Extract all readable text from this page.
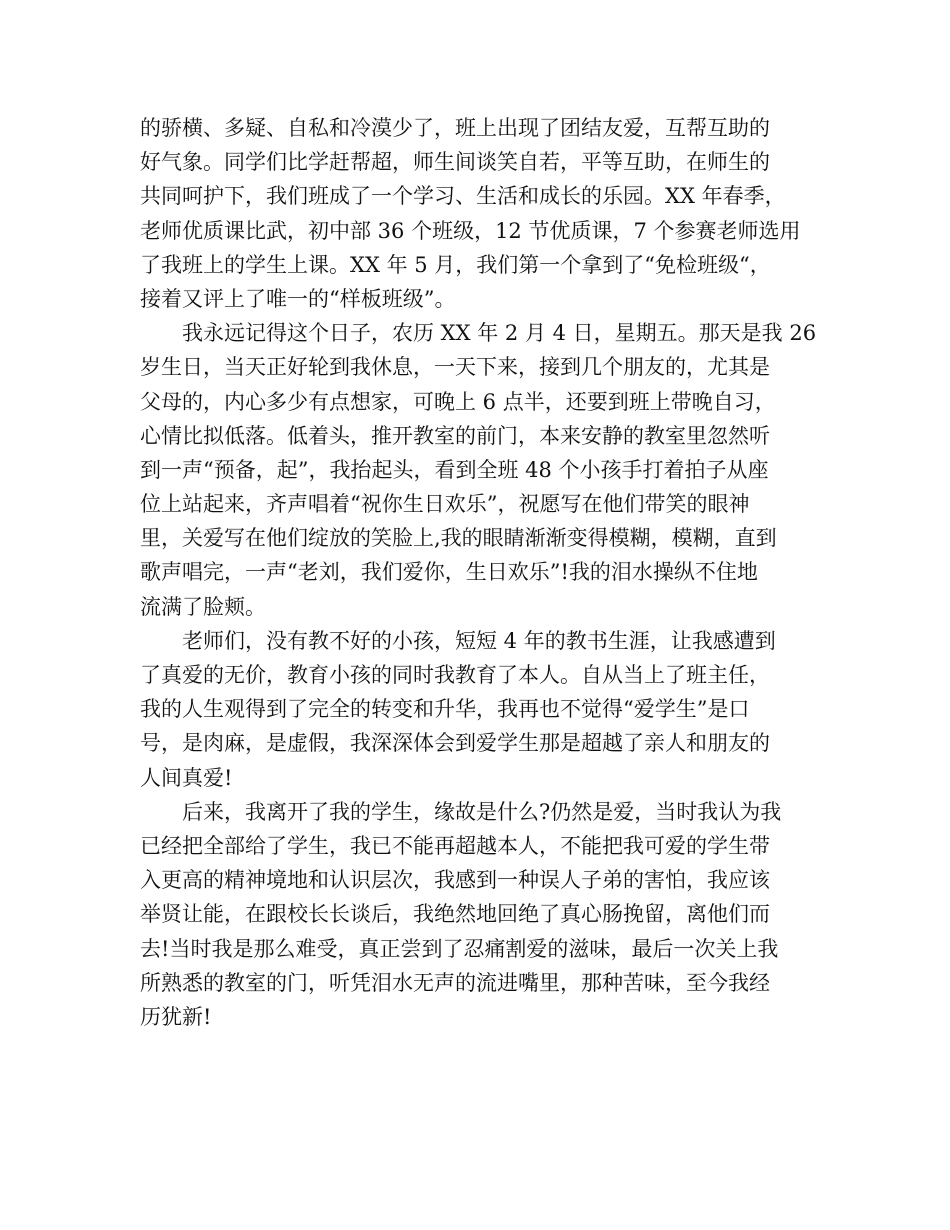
的骄横、多疑、自私和冷漠少了，班上出现了团结友爱，互帮互助的
好气象。同学们比学赶帮超，师生间谈笑自若，平等互助，在师生的
共同呵护下，我们班成了一个学习、生活和成长的乐园。XX 年春季，
老师优质课比武，初中部 36 个班级，12 节优质课，7 个参赛老师选用
了我班上的学生上课。XX 年 5 月，我们第一个拿到了“免检班级“，
接着又评上了唯一的“样板班级”。
我永远记得这个日子，农历 XX 年 2 月 4 日，星期五。那天是我 26
岁生日，当天正好轮到我休息，一天下来，接到几个朋友的，尤其是
父母的，内心多少有点想家，可晚上 6 点半，还要到班上带晚自习，
心情比拟低落。低着头，推开教室的前门，本来安静的教室里忽然听
到一声“预备，起”，我抬起头，看到全班 48 个小孩手打着拍子从座
位上站起来，齐声唱着“祝你生日欢乐”，祝愿写在他们带笑的眼神
里，关爱写在他们绽放的笑脸上,我的眼睛渐渐变得模糊，模糊，直到
歌声唱完，一声“老刘，我们爱你，生日欢乐”!我的泪水操纵不住地
流满了脸颊。
老师们，没有教不好的小孩，短短 4 年的教书生涯，让我感遭到
了真爱的无价，教育小孩的同时我教育了本人。自从当上了班主任，
我的人生观得到了完全的转变和升华，我再也不觉得“爱学生”是口
号，是肉麻，是虚假，我深深体会到爱学生那是超越了亲人和朋友的
人间真爱!
后来，我离开了我的学生，缘故是什么?仍然是爱，当时我认为我
已经把全部给了学生，我已不能再超越本人，不能把我可爱的学生带
入更高的精神境地和认识层次，我感到一种误人子弟的害怕，我应该
举贤让能，在跟校长长谈后，我绝然地回绝了真心肠挽留，离他们而
去!当时我是那么难受，真正尝到了忍痛割爱的滋味，最后一次关上我
所熟悉的教室的门，听凭泪水无声的流进嘴里，那种苦味，至今我经
历犹新!
